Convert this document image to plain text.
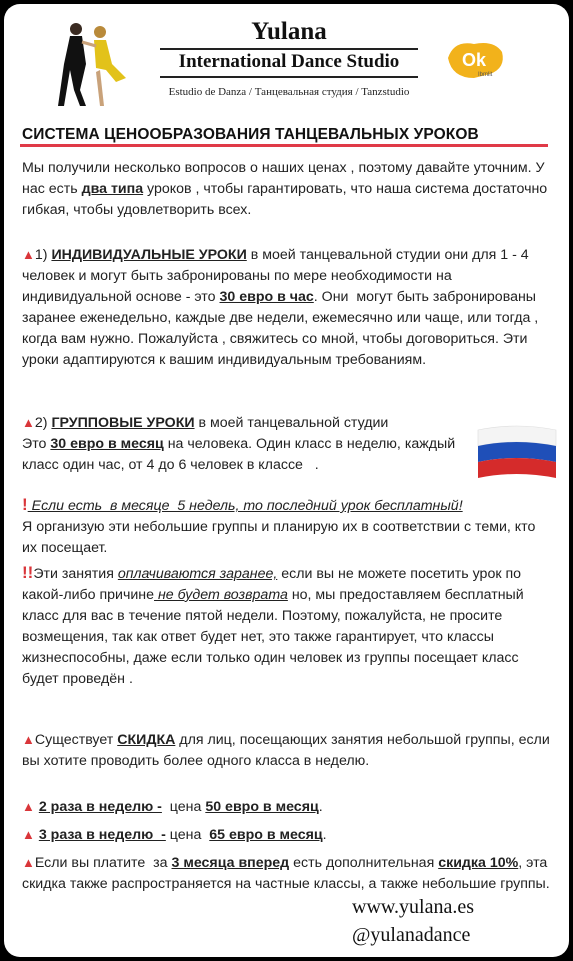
Yulana
International Dance Studio
Estudio de Danza / Танцевальная студия / Tanzstudio
Ok
Ibmlit
СИСТЕМА ЦЕНООБРАЗОВАНИЯ ТАНЦЕВАЛЬНЫХ УРОКОВ
Мы получили несколько вопросов о наших ценах , поэтому давайте уточним. У нас есть два типа уроков , чтобы гарантировать, что наша система достаточно гибкая, чтобы удовлетворить всех.
▲1) ИНДИВИДУАЛЬНЫЕ УРОКИ в моей танцевальной студии они для 1 - 4 человек и могут быть забронированы по мере необходимости на индивидуальной основе - это 30 евро в час. Они  могут быть забронированы заранее еженедельно, каждые две недели, ежемесячно или чаще, или тогда , когда вам нужно. Пожалуйста , свяжитесь со мной, чтобы договориться. Эти уроки адаптируются к вашим индивидуальным требованиям.
▲2) ГРУППОВЫЕ УРОКИ в моей танцевальной студии
Это 30 евро в месяц на человека. Один класс в неделю, каждый класс один час, от 4 до 6 человек в классе   .
! Если есть  в месяце  5 недель, то последний урок бесплатный!
Я организую эти небольшие группы и планирую их в соответствии с теми, кто их посещает.
!!Эти занятия оплачиваются заранее, если вы не можете посетить урок по какой-либо причине не будет возврата но, мы предоставляем бесплатный класс для вас в течение пятой недели. Поэтому, пожалуйста, не просите возмещения, так как ответ будет нет, это также гарантирует, что классы жизнеспособны, даже если только один человек из группы посещает класс будет проведён .
▲Существует СКИДКА для лиц, посещающих занятия небольшой группы, если вы хотите проводить более одного класса в неделю.
▲ 2 раза в неделю -  цена 50 евро в месяц.
▲ 3 раза в неделю  - цена  65 евро в месяц.
▲Если вы платите  за 3 месяца вперед есть дополнительная скидка 10%, эта скидка также распространяется на частные классы, а также небольшие группы.
www.yulana.es
@yulanadance
